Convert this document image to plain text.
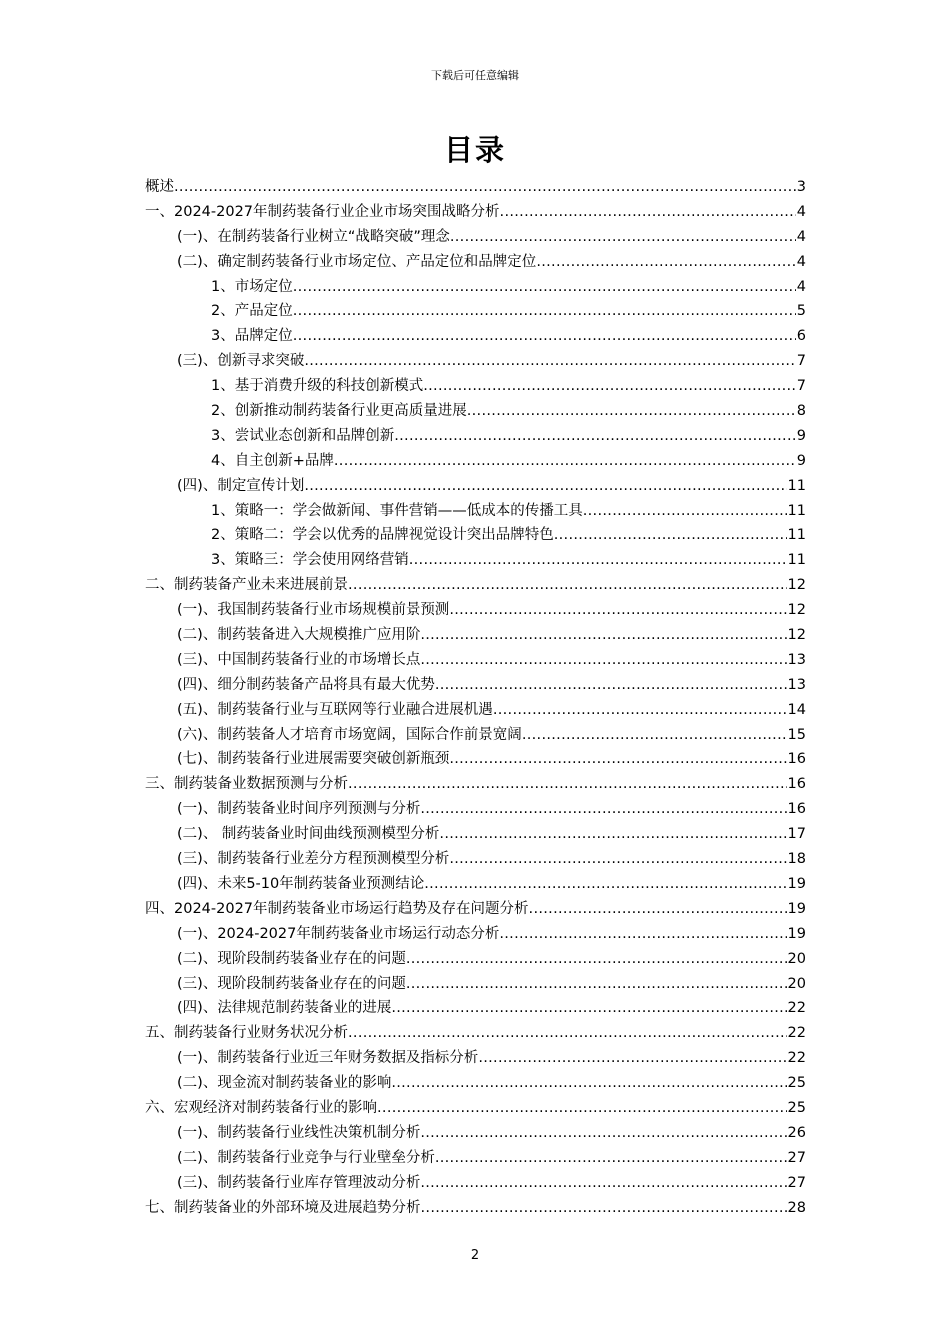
下载后可任意编辑
目录
概述 .....	3
一、2024-2027年制药装备行业企业市场突围战略分析 .....	4
(一)、在制药装备行业树立“战略突破”理念 .....	4
(二)、确定制药装备行业市场定位、产品定位和品牌定位 .....	4
1、市场定位 .....	4
2、产品定位 .....	5
3、品牌定位 .....	6
(三)、创新寻求突破 .....	7
1、基于消费升级的科技创新模式 .....	7
2、创新推动制药装备行业更高质量进展 .....	8
3、尝试业态创新和品牌创新 .....	9
4、自主创新+品牌 .....	9
(四)、制定宣传计划 .....	11
1、策略一：学会做新闻、事件营销——低成本的传播工具 .....	11
2、策略二：学会以优秀的品牌视觉设计突出品牌特色 .....	11
3、策略三：学会使用网络营销 .....	11
二、制药装备产业未来进展前景 .....	12
(一)、我国制药装备行业市场规模前景预测 .....	12
(二)、制药装备进入大规模推广应用阶 .....	12
(三)、中国制药装备行业的市场增长点 .....	13
(四)、细分制药装备产品将具有最大优势 .....	13
(五)、制药装备行业与互联网等行业融合进展机遇 .....	14
(六)、制药装备人才培育市场宽阔，国际合作前景宽阔 .....	15
(七)、制药装备行业进展需要突破创新瓶颈 .....	16
三、制药装备业数据预测与分析 .....	16
(一)、制药装备业时间序列预测与分析 .....	16
(二)、 制药装备业时间曲线预测模型分析 .....	17
(三)、制药装备行业差分方程预测模型分析 .....	18
(四)、未来5-10年制药装备业预测结论 .....	19
四、2024-2027年制药装备业市场运行趋势及存在问题分析 .....	19
(一)、2024-2027年制药装备业市场运行动态分析 .....	19
(二)、现阶段制药装备业存在的问题 .....	20
(三)、现阶段制药装备业存在的问题 .....	20
(四)、法律规范制药装备业的进展 .....	22
五、制药装备行业财务状况分析 .....	22
(一)、制药装备行业近三年财务数据及指标分析 .....	22
(二)、现金流对制药装备业的影响 .....	25
六、宏观经济对制药装备行业的影响 .....	25
(一)、制药装备行业线性决策机制分析 .....	26
(二)、制药装备行业竞争与行业壁垒分析 .....	27
(三)、制药装备行业库存管理波动分析 .....	27
七、制药装备业的外部环境及进展趋势分析 .....	28
2
